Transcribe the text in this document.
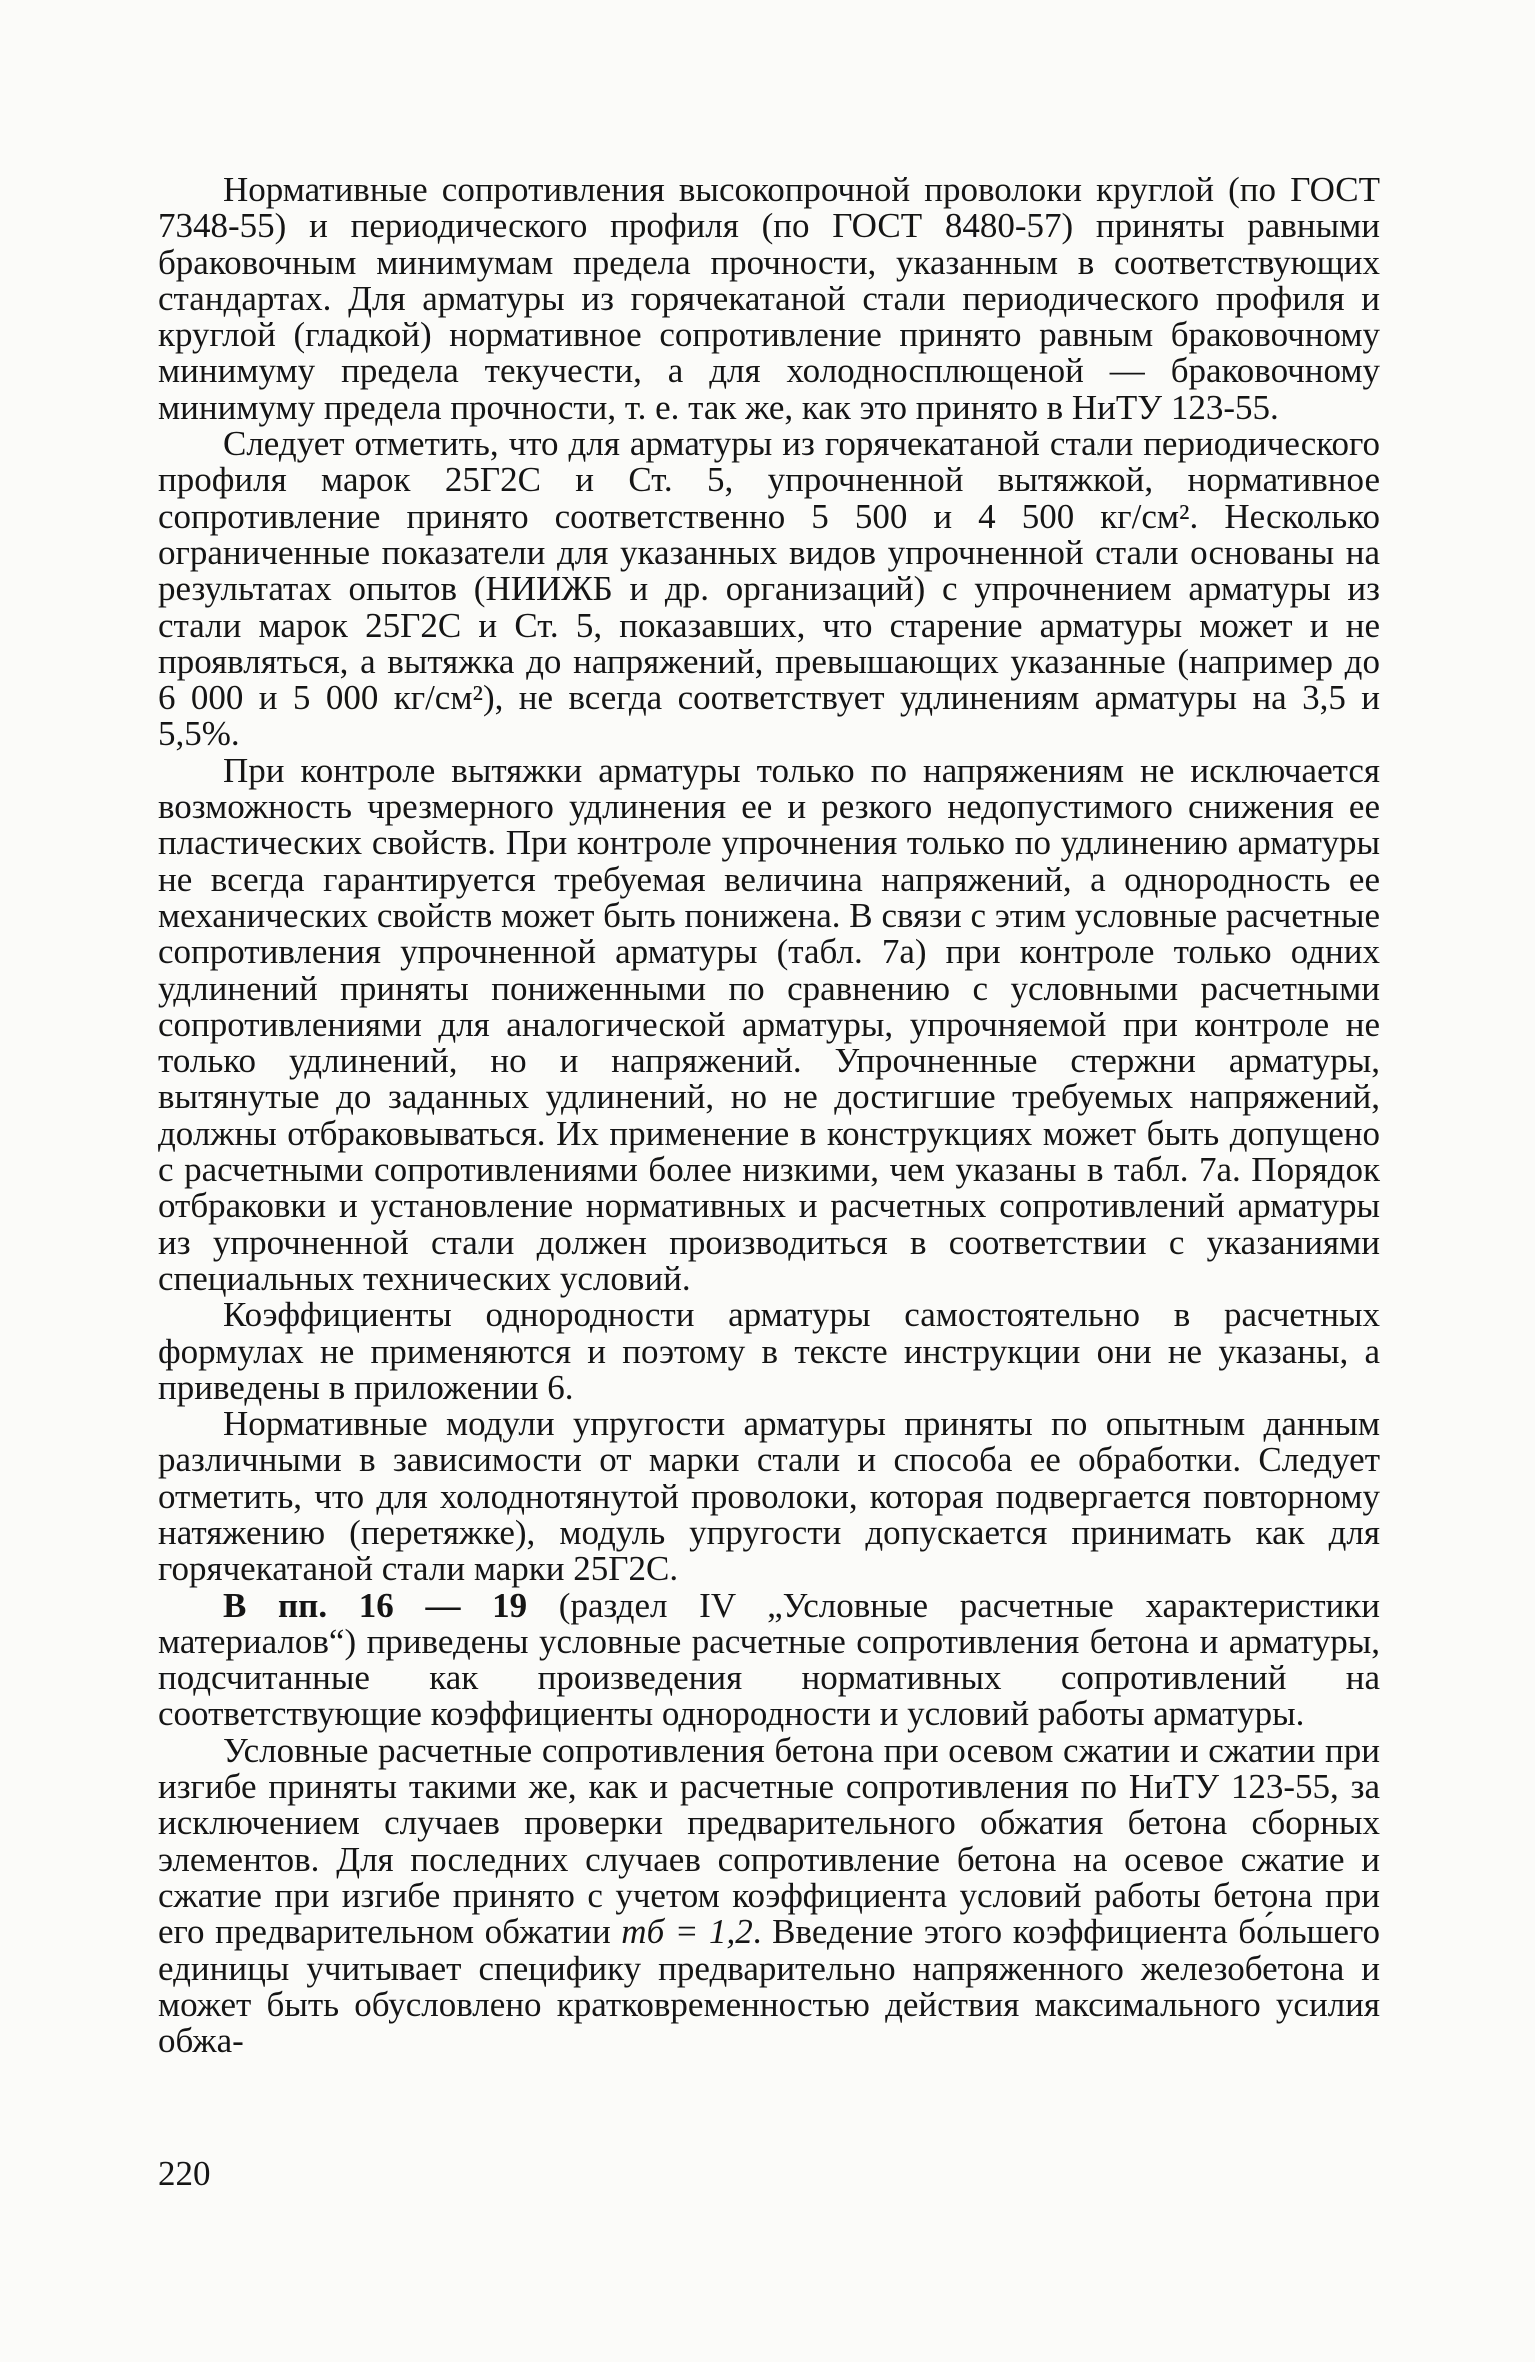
Нормативные сопротивления высокопрочной проволоки круглой (по ГОСТ 7348-55) и периодического профиля (по ГОСТ 8480-57) приняты равными браковочным минимумам предела прочности, указанным в соответствующих стандартах. Для арматуры из горячекатаной стали периодического профиля и круглой (гладкой) нормативное сопротивление принято равным браковочному минимуму предела текучести, а для холодносплющеной — браковочному минимуму предела прочности, т. е. так же, как это принято в НиТУ 123-55.

Следует отметить, что для арматуры из горячекатаной стали периодического профиля марок 25Г2С и Ст. 5, упрочненной вытяжкой, нормативное сопротивление принято соответственно 5 500 и 4 500 кг/см². Несколько ограниченные показатели для указанных видов упрочненной стали основаны на результатах опытов (НИИЖБ и др. организаций) с упрочнением арматуры из стали марок 25Г2С и Ст. 5, показавших, что старение арматуры может и не проявляться, а вытяжка до напряжений, превышающих указанные (например до 6 000 и 5 000 кг/см²), не всегда соответствует удлинениям арматуры на 3,5 и 5,5%.

При контроле вытяжки арматуры только по напряжениям не исключается возможность чрезмерного удлинения ее и резкого недопустимого снижения ее пластических свойств. При контроле упрочнения только по удлинению арматуры не всегда гарантируется требуемая величина напряжений, а однородность ее механических свойств может быть понижена. В связи с этим условные расчетные сопротивления упрочненной арматуры (табл. 7а) при контроле только одних удлинений приняты пониженными по сравнению с условными расчетными сопротивлениями для аналогической арматуры, упрочняемой при контроле не только удлинений, но и напряжений. Упрочненные стержни арматуры, вытянутые до заданных удлинений, но не достигшие требуемых напряжений, должны отбраковываться. Их применение в конструкциях может быть допущено с расчетными сопротивлениями более низкими, чем указаны в табл. 7а. Порядок отбраковки и установление нормативных и расчетных сопротивлений арматуры из упрочненной стали должен производиться в соответствии с указаниями специальных технических условий.

Коэффициенты однородности арматуры самостоятельно в расчетных формулах не применяются и поэтому в тексте инструкции они не указаны, а приведены в приложении 6.

Нормативные модули упругости арматуры приняты по опытным данным различными в зависимости от марки стали и способа ее обработки. Следует отметить, что для холоднотянутой проволоки, которая подвергается повторному натяжению (перетяжке), модуль упругости допускается принимать как для горячекатаной стали марки 25Г2С.

В пп. 16 — 19 (раздел IV „Условные расчетные характеристики материалов“) приведены условные расчетные сопротивления бетона и арматуры, подсчитанные как произведения нормативных сопротивлений на соответствующие коэффициенты однородности и условий работы арматуры.

Условные расчетные сопротивления бетона при осевом сжатии и сжатии при изгибе приняты такими же, как и расчетные сопротивления по НиТУ 123-55, за исключением случаев проверки предварительного обжатия бетона сборных элементов. Для последних случаев сопротивление бетона на осевое сжатие и сжатие при изгибе принято с учетом коэффициента условий работы бетона при его предварительном обжатии mб = 1,2. Введение этого коэффициента бо́льшего единицы учитывает специфику предварительно напряженного железобетона и может быть обусловлено кратковременностью действия максимального усилия обжа-

220
